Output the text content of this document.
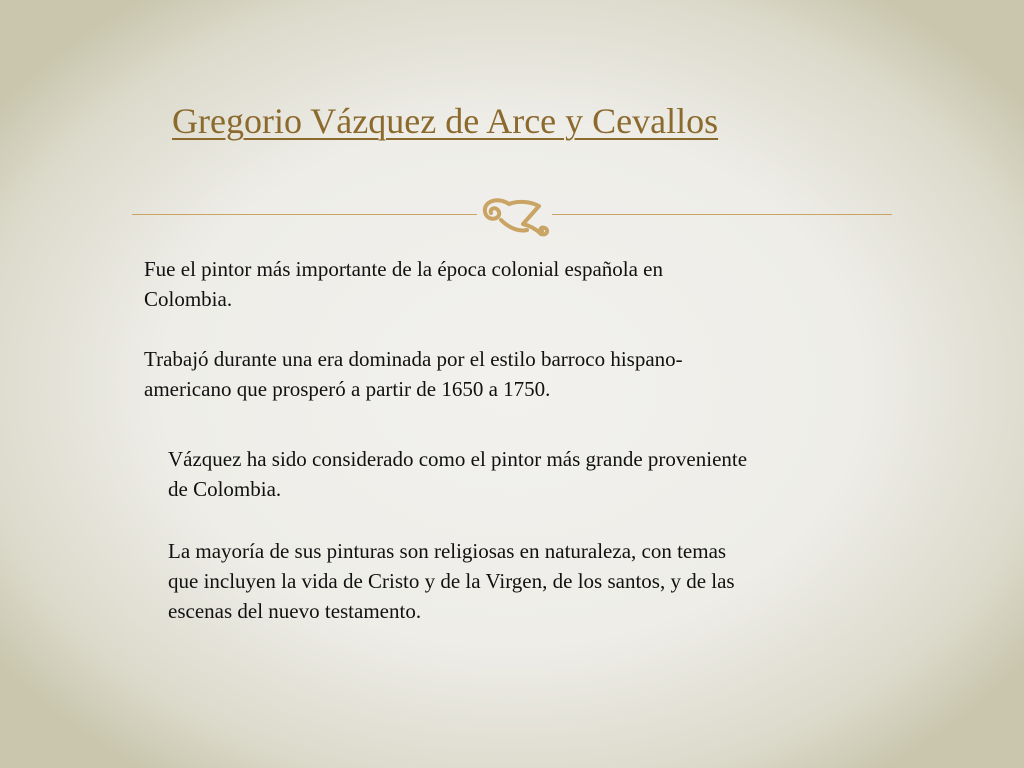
Gregorio Vázquez de Arce y Cevallos

Fue el pintor más importante de la época colonial española en

Colombia.

Trabajó durante una era dominada por el estilo barroco hispano-

americano que prosperó a partir de 1650 a 1750.

Vázquez ha sido considerado como el pintor más grande proveniente

de Colombia.

La mayoría de sus pinturas son religiosas en naturaleza, con temas

que incluyen la vida de Cristo y de la Virgen, de los santos, y de las

escenas del nuevo testamento.
